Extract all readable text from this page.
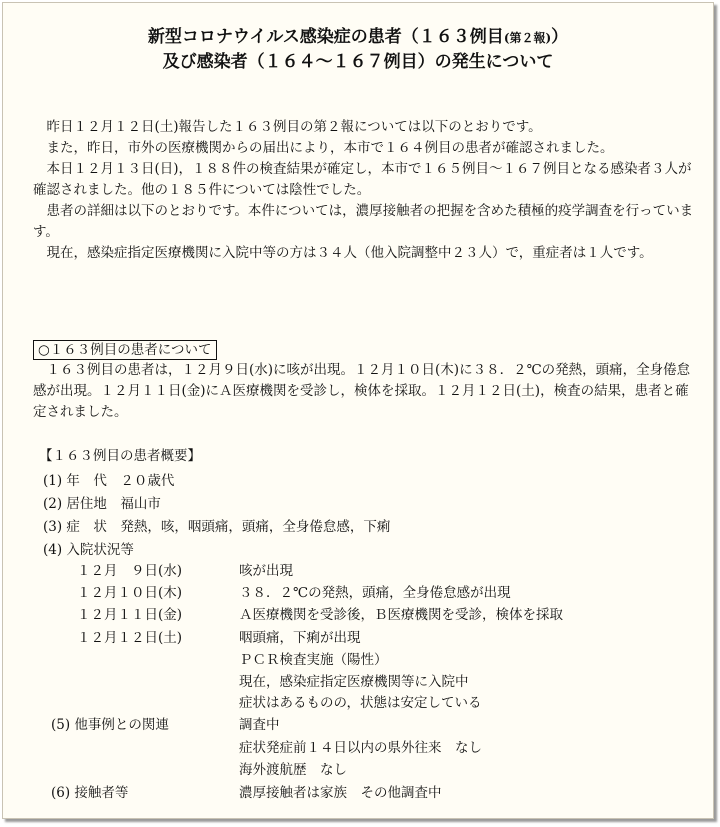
新型コロナウイルス感染症の患者（１６３例目(第２報)）
及び感染者（１６４～１６７例目）の発生について

昨日１２月１２日(土)報告した１６３例目の第２報については以下のとおりです。

また，昨日，市外の医療機関からの届出により，本市で１６４例目の患者が確認されました。

本日１２月１３日(日)，１８８件の検査結果が確定し，本市で１６５例目～１６７例目となる感染者３人が確認されました。他の１８５件については陰性でした。

患者の詳細は以下のとおりです。本件については，濃厚接触者の把握を含めた積極的疫学調査を行っています。

現在，感染症指定医療機関に入院中等の方は３４人（他入院調整中２３人）で，重症者は１人です。

○１６３例目の患者について

１６３例目の患者は，１２月９日(水)に咳が出現。１２月１０日(木)に３８．２℃の発熱，頭痛，全身倦怠感が出現。１２月１１日(金)にＡ医療機関を受診し，検体を採取。１２月１２日(土)，検査の結果，患者と確定されました。

【１６３例目の患者概要】
(1) 年　代　２０歳代
(2) 居住地　福山市
(3) 症　状　発熱，咳，咽頭痛，頭痛，全身倦怠感，下痢
(4) 入院状況等
１２月　９日(水)	咳が出現
１２月１０日(木)	３８．２℃の発熱，頭痛，全身倦怠感が出現
１２月１１日(金)	Ａ医療機関を受診後，Ｂ医療機関を受診，検体を採取
１２月１２日(土)	咽頭痛，下痢が出現
ＰＣＲ検査実施（陽性）
現在，感染症指定医療機関等に入院中
症状はあるものの，状態は安定している
(5) 他事例との関連	調査中
症状発症前１４日以内の県外往来　なし
海外渡航歴　なし
(6) 接触者等	濃厚接触者は家族　その他調査中
